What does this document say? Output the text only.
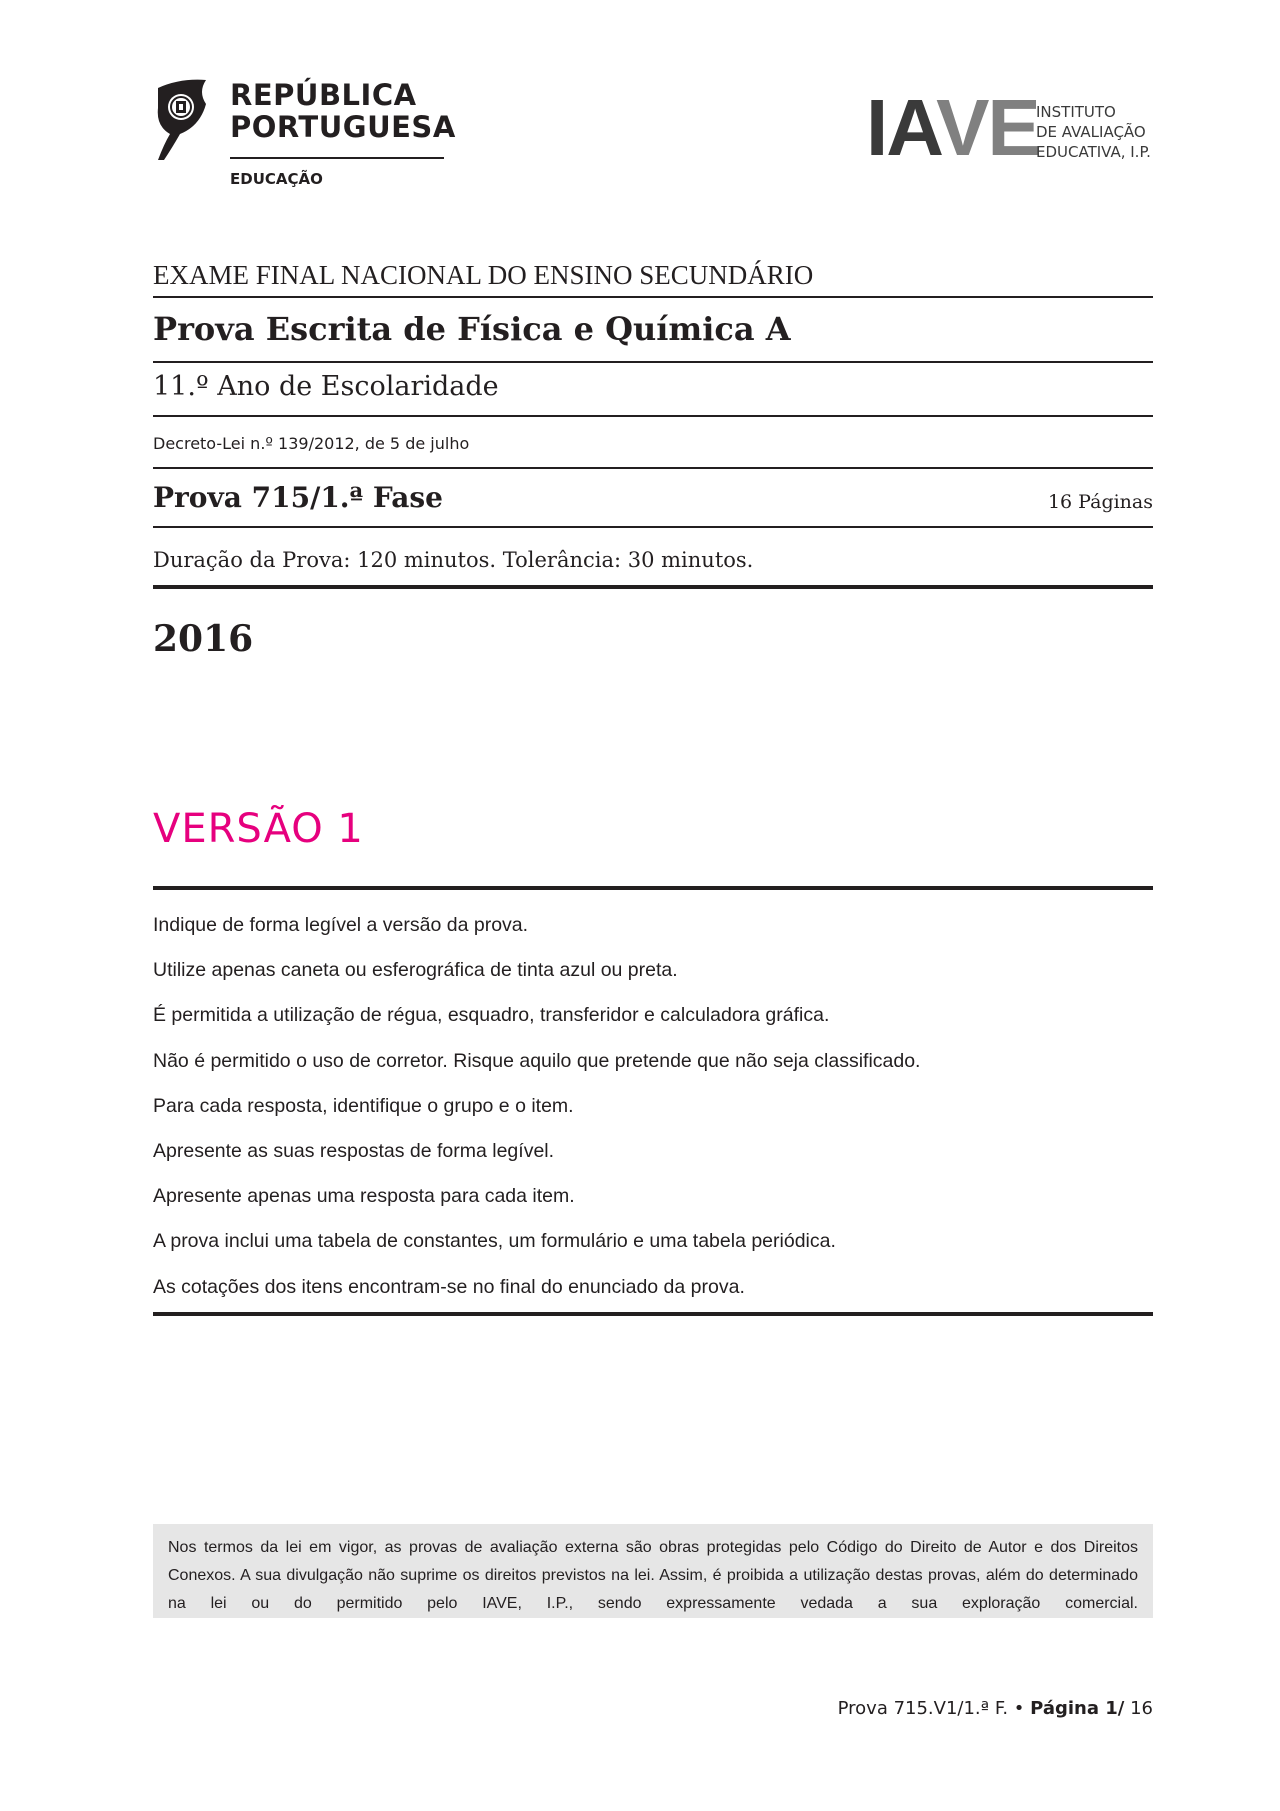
REPÚBLICA
PORTUGUESA
EDUCAÇÃO
IAVE
INSTITUTO
DE AVALIAÇÃO
EDUCATIVA, I.P.
EXAME FINAL NACIONAL DO ENSINO SECUNDÁRIO
Prova Escrita de Física e Química A
11.º Ano de Escolaridade
Decreto-Lei n.º 139/2012, de 5 de julho
Prova 715/1.ª Fase	16 Páginas
Duração da Prova: 120 minutos. Tolerância: 30 minutos.
2016
VERSÃO 1
Indique de forma legível a versão da prova.
Utilize apenas caneta ou esferográfica de tinta azul ou preta.
É permitida a utilização de régua, esquadro, transferidor e calculadora gráfica.
Não é permitido o uso de corretor. Risque aquilo que pretende que não seja classificado.
Para cada resposta, identifique o grupo e o item.
Apresente as suas respostas de forma legível.
Apresente apenas uma resposta para cada item.
A prova inclui uma tabela de constantes, um formulário e uma tabela periódica.
As cotações dos itens encontram-se no final do enunciado da prova.
Nos termos da lei em vigor, as provas de avaliação externa são obras protegidas pelo Código do Direito de Autor e dos Direitos Conexos. A sua divulgação não suprime os direitos previstos na lei. Assim, é proibida a utilização destas provas, além do determinado na lei ou do permitido pelo IAVE, I.P., sendo expressamente vedada a sua exploração comercial.
Prova 715.V1/1.ª F. • Página 1/ 16
